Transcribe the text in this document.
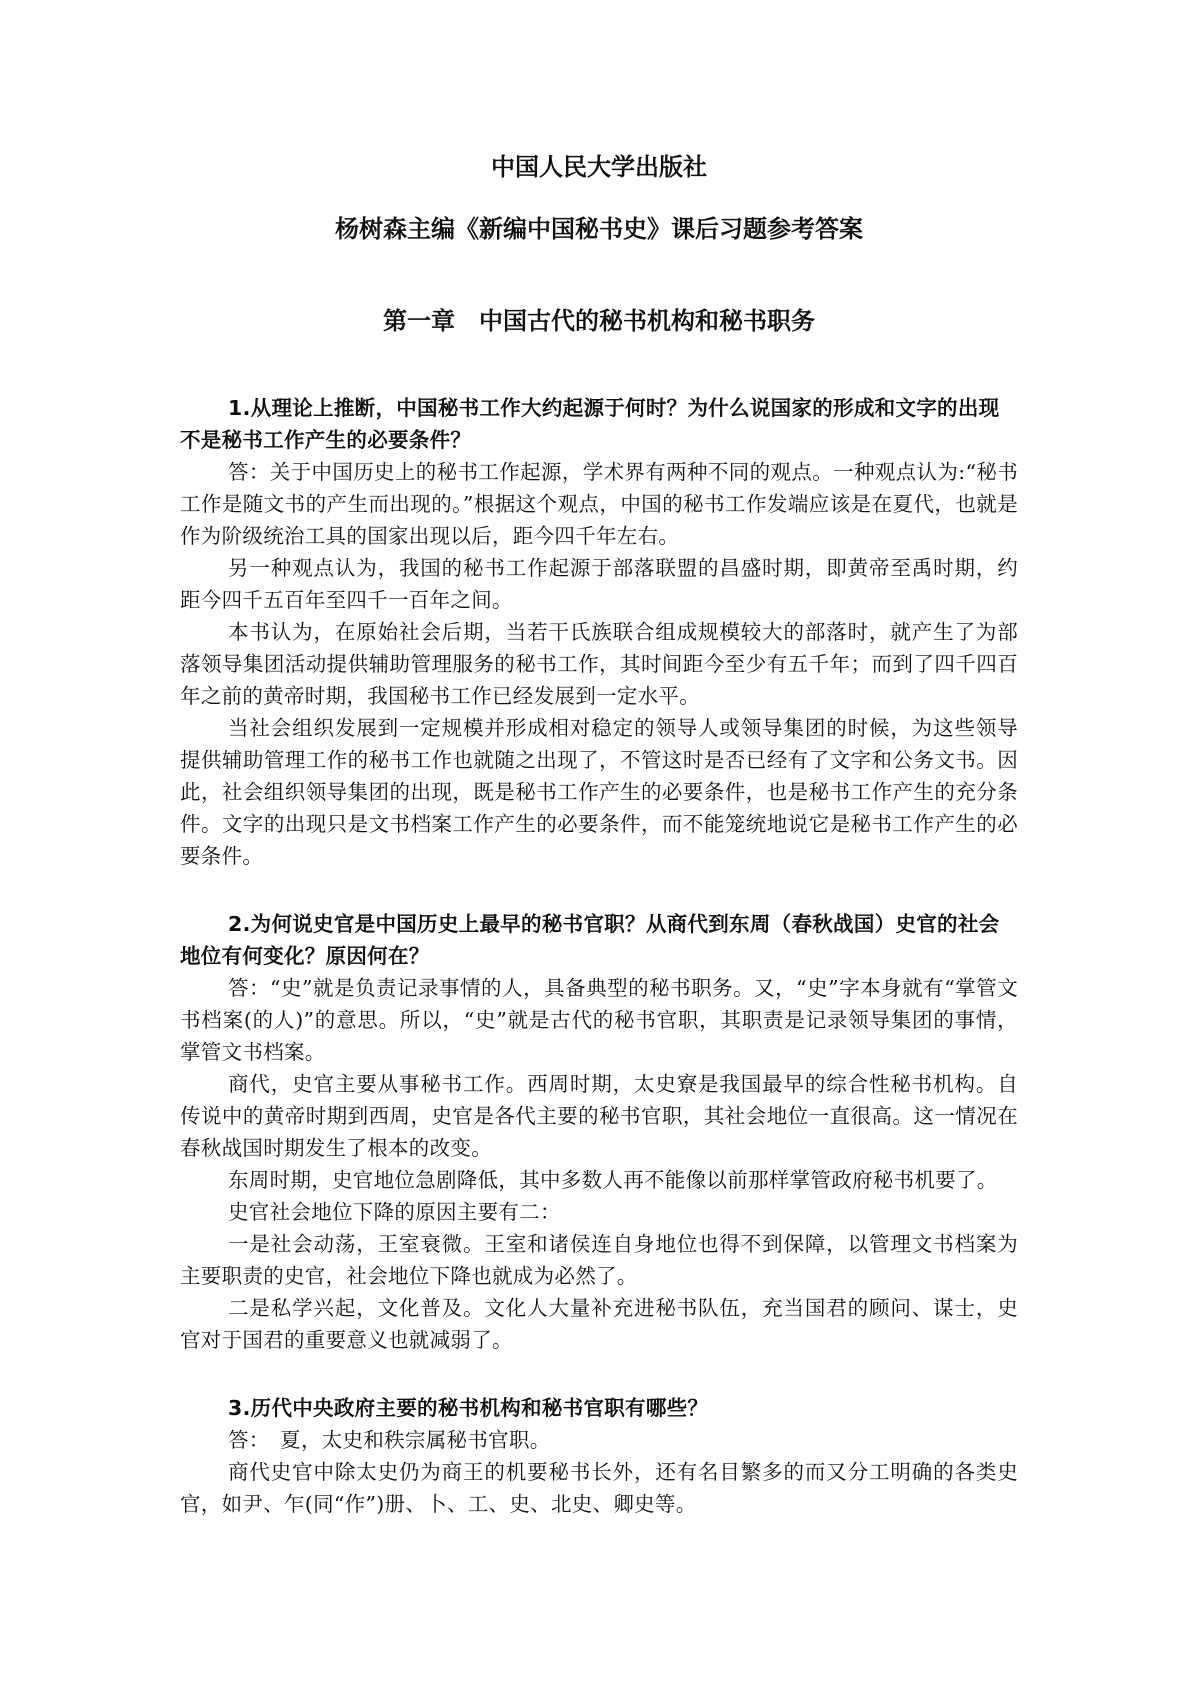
中国人民大学出版社
杨树森主编《新编中国秘书史》课后习题参考答案
第一章　中国古代的秘书机构和秘书职务

1.从理论上推断，中国秘书工作大约起源于何时？为什么说国家的形成和文字的出现不是秘书工作产生的必要条件？

答：关于中国历史上的秘书工作起源，学术界有两种不同的观点。一种观点认为:“秘书工作是随文书的产生而出现的。”根据这个观点，中国的秘书工作发端应该是在夏代，也就是作为阶级统治工具的国家出现以后，距今四千年左右。

另一种观点认为，我国的秘书工作起源于部落联盟的昌盛时期，即黄帝至禹时期，约距今四千五百年至四千一百年之间。

本书认为，在原始社会后期，当若干氏族联合组成规模较大的部落时，就产生了为部落领导集团活动提供辅助管理服务的秘书工作，其时间距今至少有五千年；而到了四千四百年之前的黄帝时期，我国秘书工作已经发展到一定水平。

当社会组织发展到一定规模并形成相对稳定的领导人或领导集团的时候，为这些领导提供辅助管理工作的秘书工作也就随之出现了，不管这时是否已经有了文字和公务文书。因此，社会组织领导集团的出现，既是秘书工作产生的必要条件，也是秘书工作产生的充分条件。文字的出现只是文书档案工作产生的必要条件，而不能笼统地说它是秘书工作产生的必要条件。

2.为何说史官是中国历史上最早的秘书官职？从商代到东周（春秋战国）史官的社会地位有何变化？原因何在？

答：“史”就是负责记录事情的人，具备典型的秘书职务。又，“史”字本身就有“掌管文书档案(的人)”的意思。所以，“史”就是古代的秘书官职，其职责是记录领导集团的事情，掌管文书档案。

商代，史官主要从事秘书工作。西周时期，太史寮是我国最早的综合性秘书机构。自传说中的黄帝时期到西周，史官是各代主要的秘书官职，其社会地位一直很高。这一情况在春秋战国时期发生了根本的改变。

东周时期，史官地位急剧降低，其中多数人再不能像以前那样掌管政府秘书机要了。

史官社会地位下降的原因主要有二：

一是社会动荡，王室衰微。王室和诸侯连自身地位也得不到保障，以管理文书档案为主要职责的史官，社会地位下降也就成为必然了。

二是私学兴起，文化普及。文化人大量补充进秘书队伍，充当国君的顾问、谋士，史官对于国君的重要意义也就减弱了。

3.历代中央政府主要的秘书机构和秘书官职有哪些？

答：　夏，太史和秩宗属秘书官职。

商代史官中除太史仍为商王的机要秘书长外，还有名目繁多的而又分工明确的各类史官，如尹、乍(同“作”)册、卜、工、史、北史、卿史等。
